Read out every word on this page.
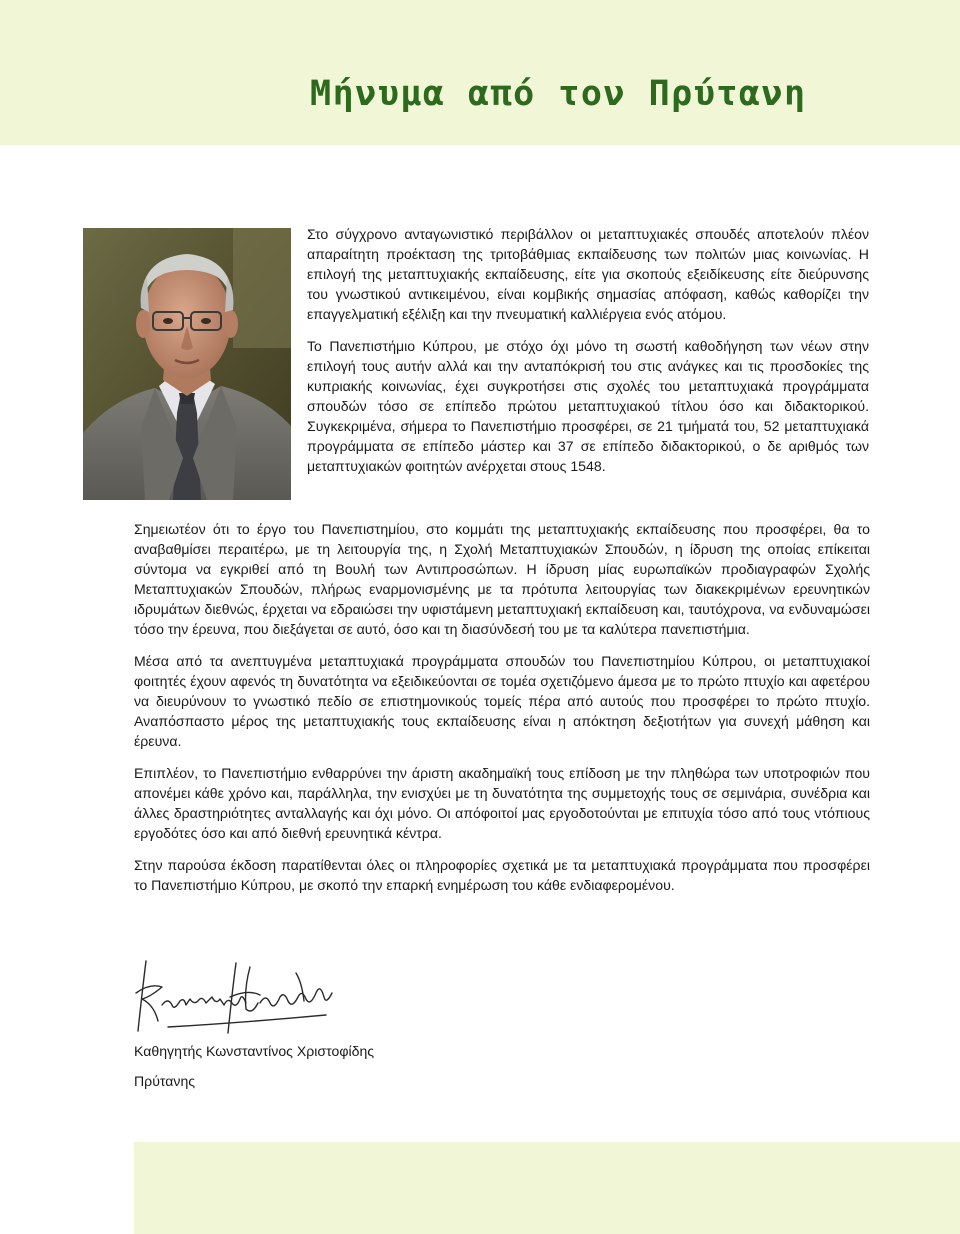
Μήνυμα από τον Πρύτανη

Στο σύγχρονο ανταγωνιστικό περιβάλλον οι μεταπτυχιακές σπουδές αποτελούν πλέον απαραίτητη προέκταση της τριτοβάθμιας εκπαίδευσης των πολιτών μιας κοινωνίας. Η επιλογή της μεταπτυχιακής εκπαίδευσης, είτε για σκοπούς εξειδίκευσης είτε διεύρυνσης του γνωστικού αντικειμένου, είναι κομβικής σημασίας απόφαση, καθώς καθορίζει την επαγγελματική εξέλιξη και την πνευματική καλλιέργεια ενός ατόμου.

Το Πανεπιστήμιο Κύπρου, με στόχο όχι μόνο τη σωστή καθοδήγηση των νέων στην επιλογή τους αυτήν αλλά και την ανταπόκρισή του στις ανάγκες και τις προσδοκίες της κυπριακής κοινωνίας, έχει συγκροτήσει στις σχολές του μεταπτυχιακά προγράμματα σπουδών τόσο σε επίπεδο πρώτου μεταπτυχιακού τίτλου όσο και διδακτορικού. Συγκεκριμένα, σήμερα το Πανεπιστήμιο προσφέρει, σε 21 τμήματά του, 52 μεταπτυχιακά προγράμματα σε επίπεδο μάστερ και 37 σε επίπεδο διδακτορικού, ο δε αριθμός των μεταπτυχιακών φοιτητών ανέρχεται στους 1548.

Σημειωτέον ότι το έργο του Πανεπιστημίου, στο κομμάτι της μεταπτυχιακής εκπαίδευσης που προσφέρει, θα το αναβαθμίσει περαιτέρω, με τη λειτουργία της, η Σχολή Μεταπτυχιακών Σπουδών, η ίδρυση της οποίας επίκειται σύντομα να εγκριθεί από τη Βουλή των Αντιπροσώπων. Η ίδρυση μίας ευρωπαϊκών προδιαγραφών Σχολής Μεταπτυχιακών Σπουδών, πλήρως εναρμονισμένης με τα πρότυπα λειτουργίας των διακεκριμένων ερευνητικών ιδρυμάτων διεθνώς, έρχεται να εδραιώσει την υφιστάμενη μεταπτυχιακή εκπαίδευση και, ταυτόχρονα, να ενδυναμώσει τόσο την έρευνα, που διεξάγεται σε αυτό, όσο και τη διασύνδεσή του με τα καλύτερα πανεπιστήμια.

Μέσα από τα ανεπτυγμένα μεταπτυχιακά προγράμματα σπουδών του Πανεπιστημίου Κύπρου, οι μεταπτυχιακοί φοιτητές έχουν αφενός τη δυνατότητα να εξειδικεύονται σε τομέα σχετιζόμενο άμεσα με το πρώτο πτυχίο και αφετέρου να διευρύνουν το γνωστικό πεδίο σε επιστημονικούς τομείς πέρα από αυτούς που προσφέρει το πρώτο πτυχίο. Αναπόσπαστο μέρος της μεταπτυχιακής τους εκπαίδευσης είναι η απόκτηση δεξιοτήτων για συνεχή μάθηση και έρευνα.

Επιπλέον, το Πανεπιστήμιο ενθαρρύνει την άριστη ακαδημαϊκή τους επίδοση με την πληθώρα των υποτροφιών που απονέμει κάθε χρόνο και, παράλληλα, την ενισχύει με τη δυνατότητα της συμμετοχής τους σε σεμινάρια, συνέδρια και άλλες δραστηριότητες ανταλλαγής και όχι μόνο. Οι απόφοιτοί μας εργοδοτούνται με επιτυχία τόσο από τους ντόπιους εργοδότες όσο και από διεθνή ερευνητικά κέντρα.

Στην παρούσα έκδοση παρατίθενται όλες οι πληροφορίες σχετικά με τα μεταπτυχιακά προγράμματα που προσφέρει το Πανεπιστήμιο Κύπρου, με σκοπό την επαρκή ενημέρωση του κάθε ενδιαφερομένου.

Καθηγητής Κωνσταντίνος Χριστοφίδης

Πρύτανης
